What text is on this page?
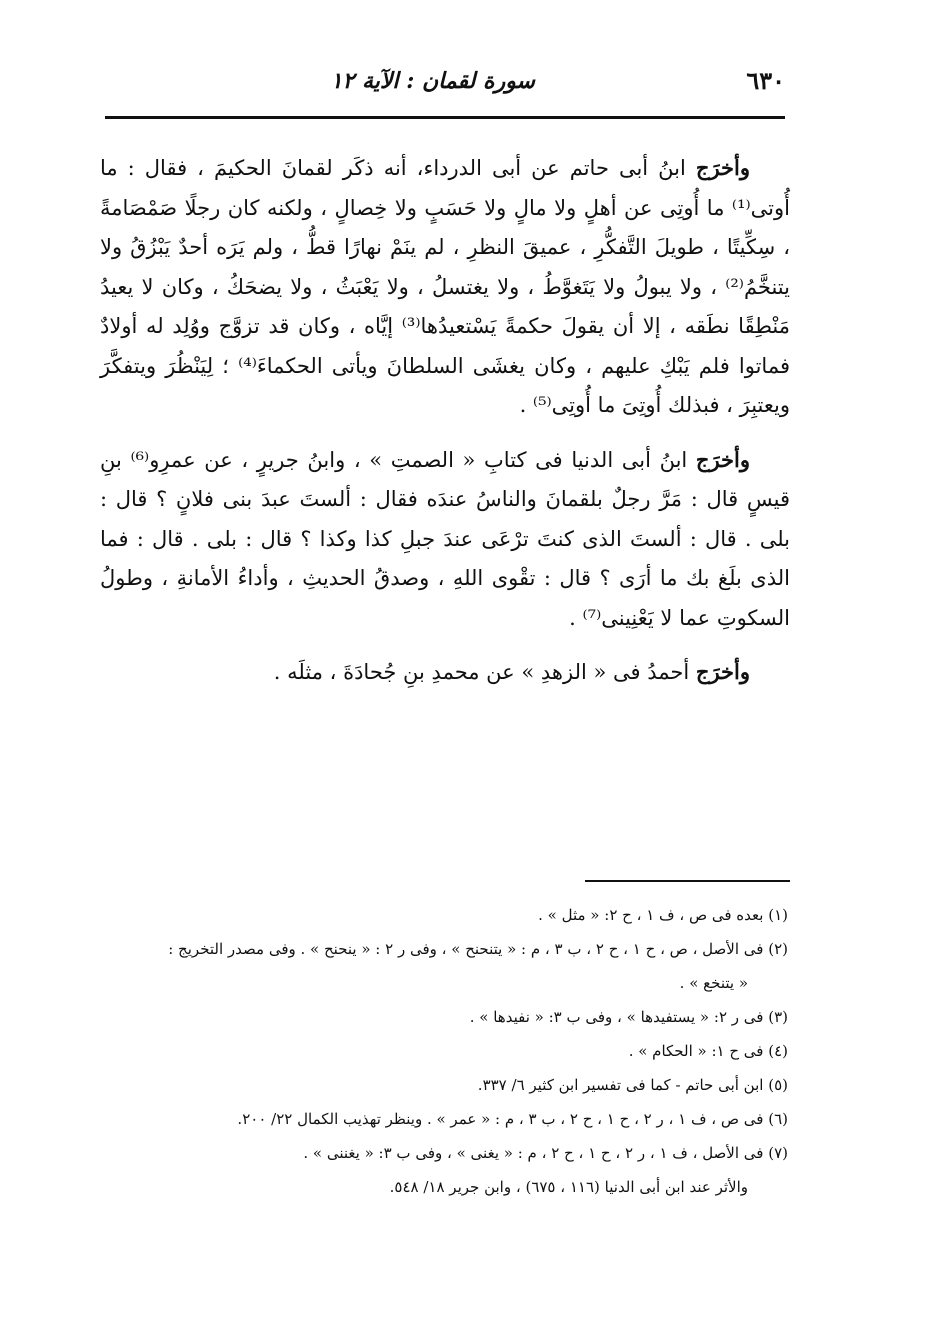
٦٣٠
سورة لقمان : الآية ١٢

وأخرَج ابنُ أبى حاتم عن أبى الدرداء، أنه ذكَر لقمانَ الحكيمَ ، فقال : ما أُوتى⁽¹⁾ ما أُوتِى عن أهلٍ ولا مالٍ ولا حَسَبٍ ولا خِصالٍ ، ولكنه كان رجلًا صَمْصَامةً ، سِكِّيتًا ، طويلَ التَّفكُّرِ ، عميقَ النظرِ ، لم ينَمْ نهارًا قطُّ ، ولم يَرَه أحدٌ يَبْزُقُ ولا يتنخَّمُ⁽²⁾ ، ولا يبولُ ولا يَتَغوَّطُ ، ولا يغتسلُ ، ولا يَعْبَثُ ، ولا يضحَكُ ، وكان لا يعيدُ مَنْطِقًا نطَقه ، إلا أن يقولَ حكمةً يَسْتعيدُها⁽³⁾ إيَّاه ، وكان قد تزوَّج ووُلِد له أولادٌ فماتوا فلم يَبْكِ عليهم ، وكان يغشَى السلطانَ ويأتى الحكماءَ⁽⁴⁾ ؛ لِيَنْظُرَ ويتفكَّرَ ويعتبِرَ ، فبذلك أُوتِىَ ما أُوتِى⁽⁵⁾ .

وأخرَج ابنُ أبى الدنيا فى كتابِ « الصمتِ » ، وابنُ جريرٍ ، عن عمرِو⁽⁶⁾ بنِ قيسٍ قال : مَرَّ رجلٌ بلقمانَ والناسُ عندَه فقال : ألستَ عبدَ بنى فلانٍ ؟ قال : بلى . قال : ألستَ الذى كنتَ ترْعَى عندَ جبلِ كذا وكذا ؟ قال : بلى . قال : فما الذى بلَغ بك ما أرَى ؟ قال : تقْوى اللهِ ، وصدقُ الحديثِ ، وأداءُ الأمانةِ ، وطولُ السكوتِ عما لا يَعْنِينى⁽⁷⁾ .

وأخرَج أحمدُ فى « الزهدِ » عن محمدِ بنِ جُحادَةَ ، مثلَه .

(١) بعده فى ص ، ف ١ ، ح ٢: « مثل » .

(٢) فى الأصل ، ص ، ح ١ ، ح ٢ ، ب ٣ ، م : « يتنحنح » ، وفى ر ٢ : « ينحنح » . وفى مصدر التخريج :

« يتنخع » .

(٣) فى ر ٢: « يستفيدها » ، وفى ب ٣: « نفيدها » .

(٤) فى ح ١: « الحكام » .

(٥) ابن أبى حاتم - كما فى تفسير ابن كثير ٦/ ٣٣٧.

(٦) فى ص ، ف ١ ، ر ٢ ، ح ١ ، ح ٢ ، ب ٣ ، م : « عمر » . وينظر تهذيب الكمال ٢٢/ ٢٠٠.

(٧) فى الأصل ، ف ١ ، ر ٢ ، ح ١ ، ح ٢ ، م : « يغنى » ، وفى ب ٣: « يغننى » .

والأثر عند ابن أبى الدنيا (١١٦ ، ٦٧٥) ، وابن جرير ١٨/ ٥٤٨.
